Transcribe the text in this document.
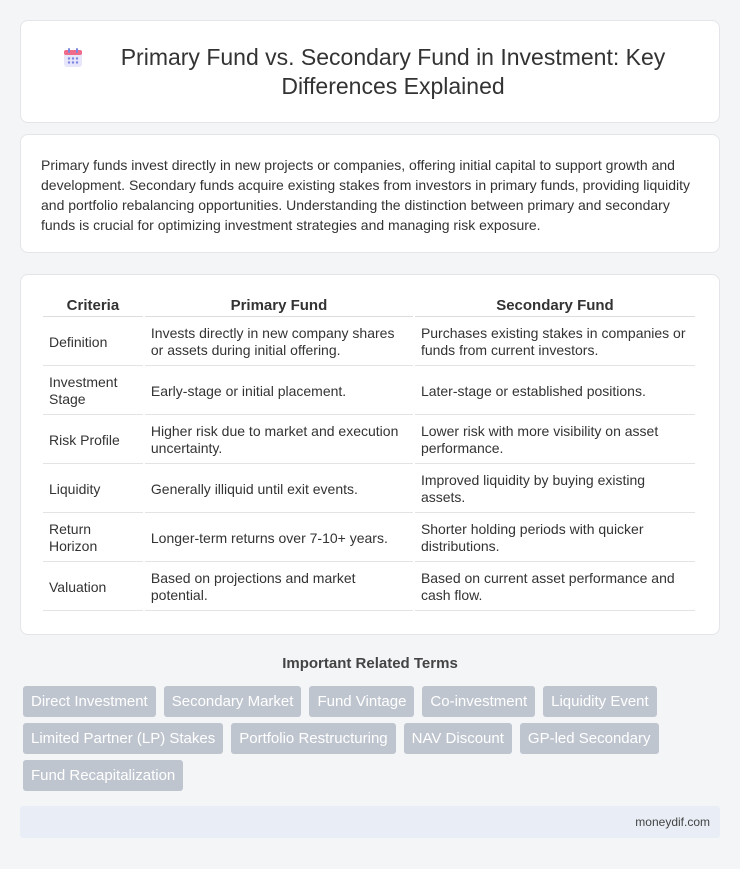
Primary Fund vs. Secondary Fund in Investment: Key Differences Explained

Primary funds invest directly in new projects or companies, offering initial capital to support growth and development. Secondary funds acquire existing stakes from investors in primary funds, providing liquidity and portfolio rebalancing opportunities. Understanding the distinction between primary and secondary funds is crucial for optimizing investment strategies and managing risk exposure.

Criteria	Primary Fund	Secondary Fund
Definition	Invests directly in new company shares or assets during initial offering.	Purchases existing stakes in companies or funds from current investors.
Investment Stage	Early-stage or initial placement.	Later-stage or established positions.
Risk Profile	Higher risk due to market and execution uncertainty.	Lower risk with more visibility on asset performance.
Liquidity	Generally illiquid until exit events.	Improved liquidity by buying existing assets.
Return Horizon	Longer-term returns over 7-10+ years.	Shorter holding periods with quicker distributions.
Valuation	Based on projections and market potential.	Based on current asset performance and cash flow.
Important Related Terms
Direct Investment	Secondary Market	Fund Vintage	Co-investment	Liquidity Event
Limited Partner (LP) Stakes	Portfolio Restructuring	NAV Discount	GP-led Secondary
Fund Recapitalization
moneydif.com
